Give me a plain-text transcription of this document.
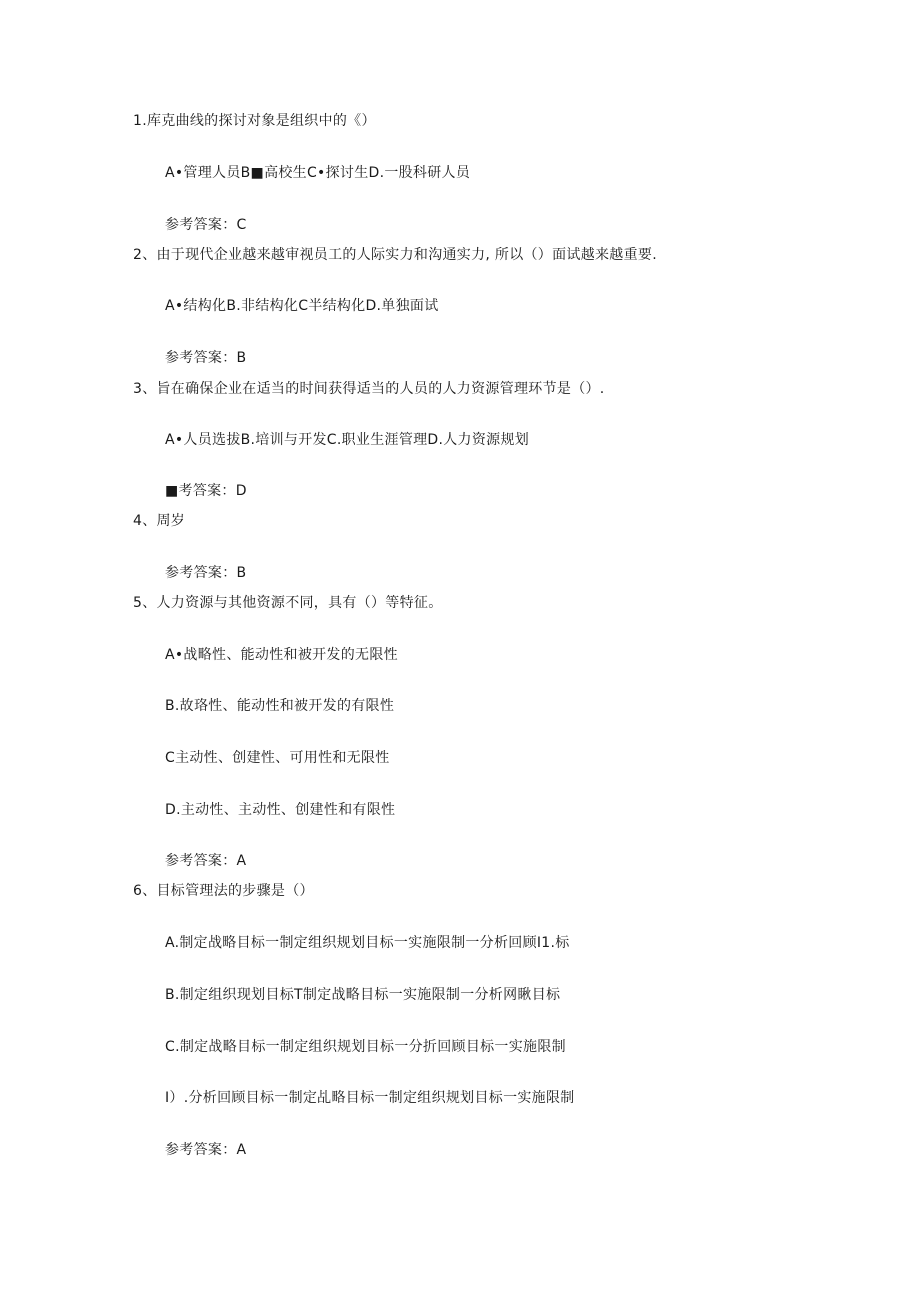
1.库克曲线的探讨对象是组织中的《）
A•管理人员B■高校生C•探讨生D.一股科研人员
参考答案：C
2、由于现代企业越来越审视员工的人际实力和沟通实力, 所以（）面试越来越重要.
A•结构化B.非结构化C半结构化D.单独面试
参考答案：B
3、旨在确保企业在适当的时间获得适当的人员的人力资源管理环节是（）.
A•人员选拔B.培训与开发C.职业生涯管理D.人力资源规划
■考答案：D
4、周岁
参考答案：B
5、人力资源与其他资源不同，具有（）等特征。
A•战略性、能动性和被开发的无限性
B.故珞性、能动性和被开发的有限性
C主动性、创建性、可用性和无限性
D.主动性、主动性、创建性和有限性
参考答案：A
6、目标管理法的步骤是（）
A.制定战略目标一制定组织规划目标一实施限制一分析回顾I1.标
B.制定组织现划目标T制定战略目标一实施限制一分析网瞅目标
C.制定战略目标一制定组织规划目标一分折回顾目标一实施限制
I）.分析回顾目标一制定乩略目标一制定组织规划目标一实施限制
参考答案：A
